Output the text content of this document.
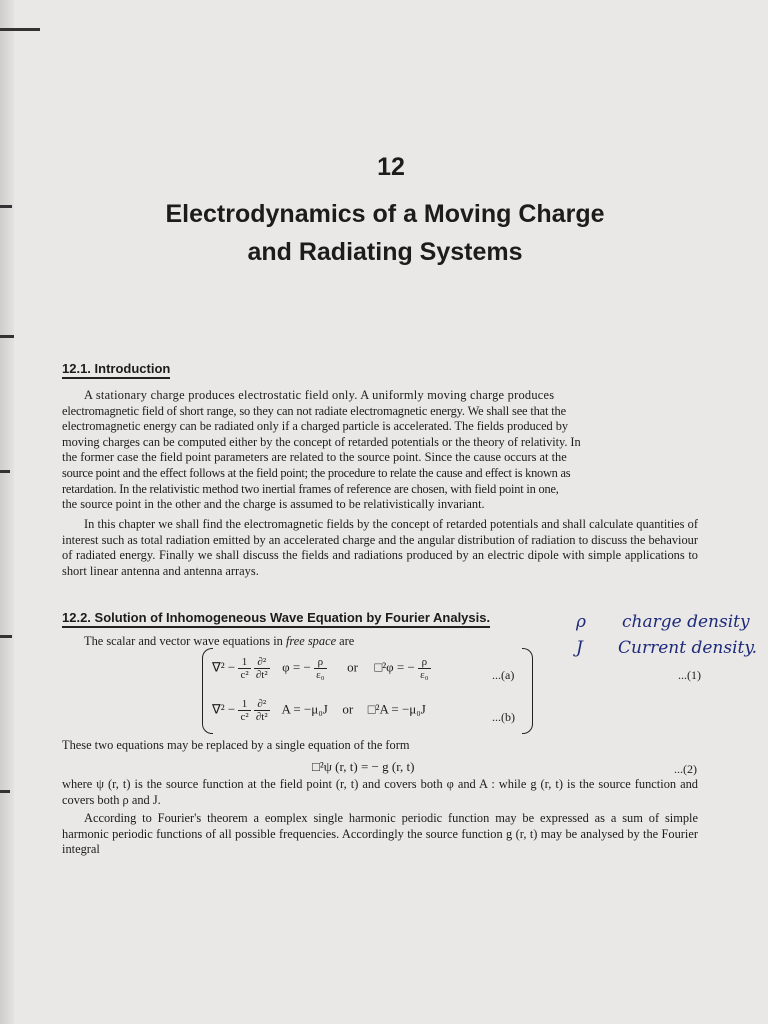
12
Electrodynamics of a Moving Charge
and Radiating Systems
12.1. Introduction
A stationary charge produces electrostatic field only. A uniformly moving charge produces
electromagnetic field of short range, so they can not radiate electromagnetic energy. We shall see that the
electromagnetic energy can be radiated only if a charged particle is accelerated. The fields produced by
moving charges can be computed either by the concept of retarded potentials or the theory of relativity. In
the former case the field point parameters are related to the source point. Since the cause occurs at the
source point and the effect follows at the field point; the procedure to relate the cause and effect is known as
retardation. In the relativistic method two inertial frames of reference are chosen, with field point in one,
the source point in the other and the charge is assumed to be relativistically invariant.

In this chapter we shall find the electromagnetic fields by the concept of retarded potentials and shall calculate quantities of interest such as total radiation emitted by an accelerated charge and the angular distribution of radiation to discuss the behaviour of radiated energy. Finally we shall discuss the fields and radiations produced by an electric dipole with simple applications to short linear antenna and antenna arrays.

12.2. Solution of Inhomogeneous Wave Equation by Fourier Analysis.

The scalar and vector wave equations in free space are

$\nabla^2 - \frac{1}{\text{c²}}$
$\frac{\text{∂²}}{\text{∂t²}}$ φ = − $\frac{\rho}{\text{ε₀}}$ or □²φ = − $\frac{\rho}{\text{ε₀}}$	...(a)	...(1)
$\nabla^2 - \frac{1}{\text{c²}}$
$\frac{\text{∂²}}{\text{∂t²}}$ A = −μ₀J or □²A = −μ₀J
...(b)

These two equations may be replaced by a single equation of the form

□²ψ (r, t) = − g (r, t)	...(2)

where ψ (r, t) is the source function at the field point (r, t) and covers both φ and A : while g (r, t) is the source function and covers both ρ and J.

According to Fourier's theorem a eomplex single harmonic periodic function may be expressed as a sum of simple harmonic periodic functions of all possible frequencies. Accordingly the source function g (r, t) may be analysed by the Fourier integral

ρ charge density
J Current density.
